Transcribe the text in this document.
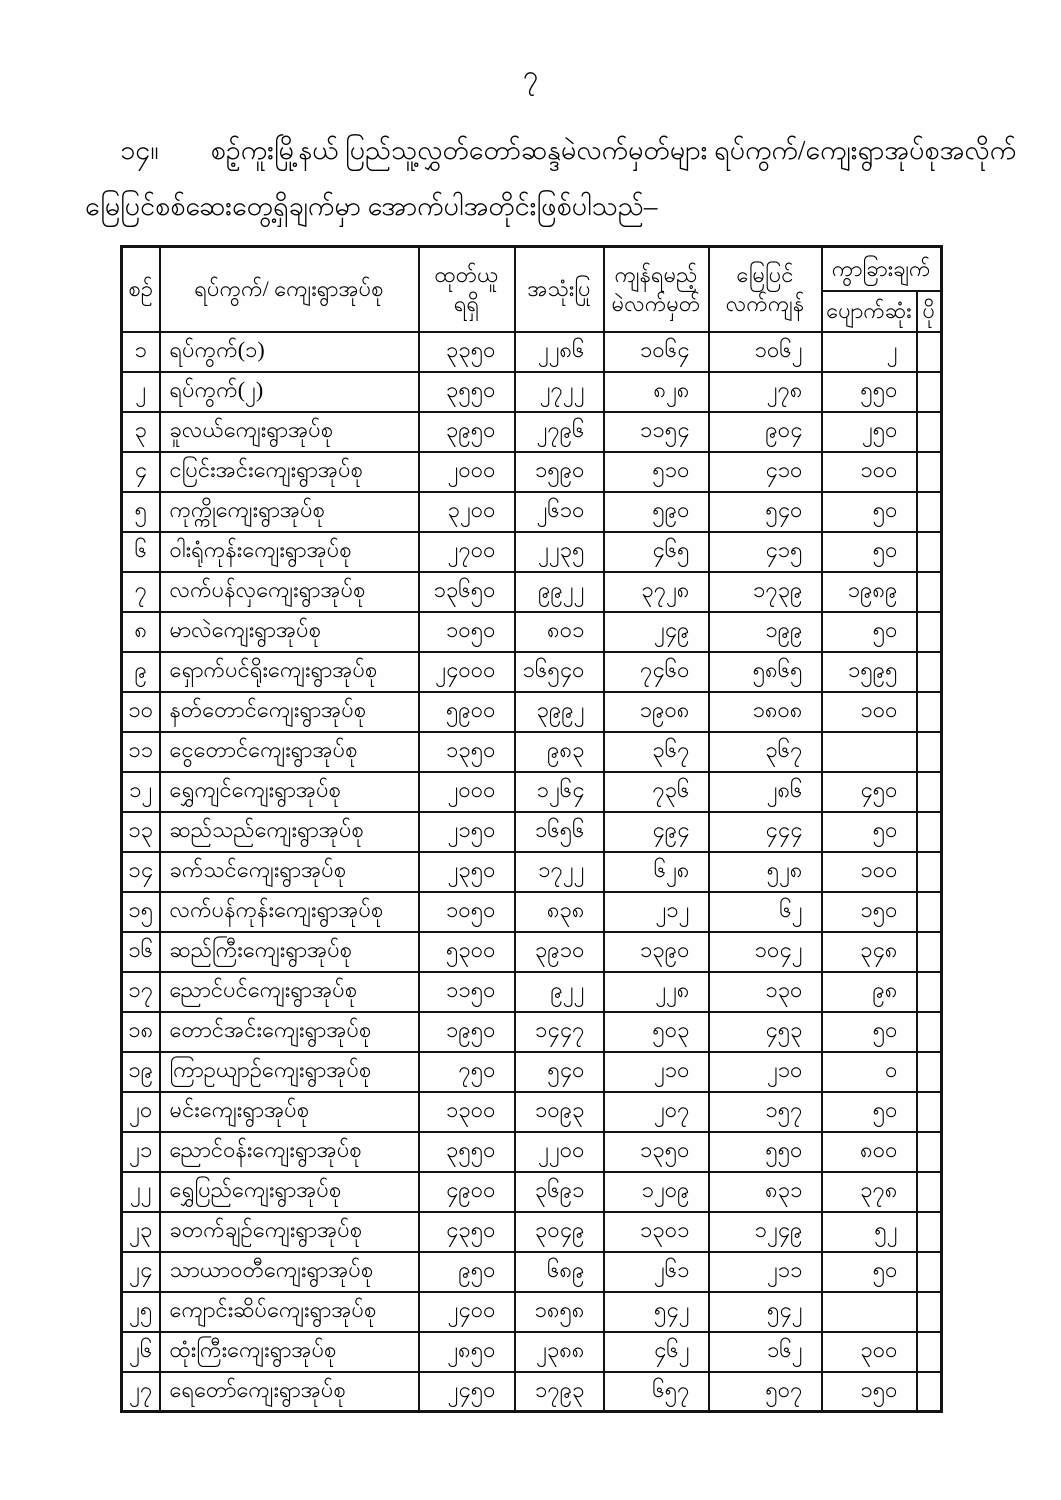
၇
၁၄။ စဉ့်ကူးမြို့နယ် ပြည်သူ့လွှတ်တော်ဆန္ဒမဲလက်မှတ်များ ရပ်ကွက်/ကျေးရွာအုပ်စုအလိုက်
မြေပြင်စစ်ဆေးတွေ့ရှိချက်မှာ အောက်ပါအတိုင်းဖြစ်ပါသည်–
စဉ်	ရပ်ကွက်/ ကျေးရွာအုပ်စု	ထုတ်ယူ ရရှိ	အသုံးပြု	ကျန်ရမည့် မဲလက်မှတ်	မြေပြင် လက်ကျန်	ကွာခြားချက်	
						ပျောက်ဆုံး	ပို
၁	ရပ်ကွက်(၁)	၃၃၅၀	၂၂၈၆	၁၀၆၄	၁၀၆၂	၂	
၂	ရပ်ကွက်(၂)	၃၅၅၀	၂၇၂၂	၈၂၈	၂၇၈	၅၅၀	
၃	ခူလယ်ကျေးရွာအုပ်စု	၃၉၅၀	၂၇၉၆	၁၁၅၄	၉၀၄	၂၅၀	
၄	ငပြင်းအင်းကျေးရွာအုပ်စု	၂၀၀၀	၁၅၉၀	၅၁၀	၄၁၀	၁၀၀	
၅	ကုက္ကိုကျေးရွာအုပ်စု	၃၂၀၀	၂၆၁၀	၅၉၀	၅၄၀	၅၀	
၆	ဝါးရုံကုန်းကျေးရွာအုပ်စု	၂၇၀၀	၂၂၃၅	၄၆၅	၄၁၅	၅၀	
၇	လက်ပန်လှကျေးရွာအုပ်စု	၁၃၆၅၀	၉၉၂၂	၃၇၂၈	၁၇၃၉	၁၉၈၉	
၈	မာလဲကျေးရွာအုပ်စု	၁၀၅၀	၈၀၁	၂၄၉	၁၉၉	၅၀	
၉	ရှောက်ပင်ရိုးကျေးရွာအုပ်စု	၂၄၀၀၀	၁၆၅၄၀	၇၄၆၀	၅၈၆၅	၁၅၉၅	
၁၀	နတ်တောင်ကျေးရွာအုပ်စု	၅၉၀၀	၃၉၉၂	၁၉၀၈	၁၈၀၈	၁၀၀	
၁၁	ငွေတောင်ကျေးရွာအုပ်စု	၁၃၅၀	၉၈၃	၃၆၇	၃၆၇		
၁၂	ရွှေကျင်ကျေးရွာအုပ်စု	၂၀၀၀	၁၂၆၄	၇၃၆	၂၈၆	၄၅၀	
၁၃	ဆည်သည်ကျေးရွာအုပ်စု	၂၁၅၀	၁၆၅၆	၄၉၄	၄၄၄	၅၀	
၁၄	ခက်သင်ကျေးရွာအုပ်စု	၂၃၅၀	၁၇၂၂	၆၂၈	၅၂၈	၁၀၀	
၁၅	လက်ပန်ကုန်းကျေးရွာအုပ်စု	၁၀၅၀	၈၃၈	၂၁၂	၆၂	၁၅၀	
၁၆	ဆည်ကြီးကျေးရွာအုပ်စု	၅၃၀၀	၃၉၁၀	၁၃၉၀	၁၀၄၂	၃၄၈	
၁၇	ညောင်ပင်ကျေးရွာအုပ်စု	၁၁၅၀	၉၂၂	၂၂၈	၁၃၀	၉၈	
၁၈	တောင်အင်းကျေးရွာအုပ်စု	၁၉၅၀	၁၄၄၇	၅၀၃	၄၅၃	၅၀	
၁၉	ကြာဥယျာဉ်ကျေးရွာအုပ်စု	၇၅၀	၅၄၀	၂၁၀	၂၁၀	၀	
၂၀	မင်းကျေးရွာအုပ်စု	၁၃၀၀	၁၀၉၃	၂၀၇	၁၅၇	၅၀	
၂၁	ညောင်ဝန်းကျေးရွာအုပ်စု	၃၅၅၀	၂၂၀၀	၁၃၅၀	၅၅၀	၈၀၀	
၂၂	ရွှေပြည်ကျေးရွာအုပ်စု	၄၉၀၀	၃၆၉၁	၁၂၀၉	၈၃၁	၃၇၈	
၂၃	ခတက်ချဉ်ကျေးရွာအုပ်စု	၄၃၅၀	၃၀၄၉	၁၃၀၁	၁၂၄၉	၅၂	
၂၄	သာယာဝတီကျေးရွာအုပ်စု	၉၅၀	၆၈၉	၂၆၁	၂၁၁	၅၀	
၂၅	ကျောင်းဆိပ်ကျေးရွာအုပ်စု	၂၄၀၀	၁၈၅၈	၅၄၂	၅၄၂		
၂၆	ထုံးကြီးကျေးရွာအုပ်စု	၂၈၅၀	၂၃၈၈	၄၆၂	၁၆၂	၃၀၀	
၂၇	ရေတော်ကျေးရွာအုပ်စု	၂၄၅၀	၁၇၉၃	၆၅၇	၅၀၇	၁၅၀	
